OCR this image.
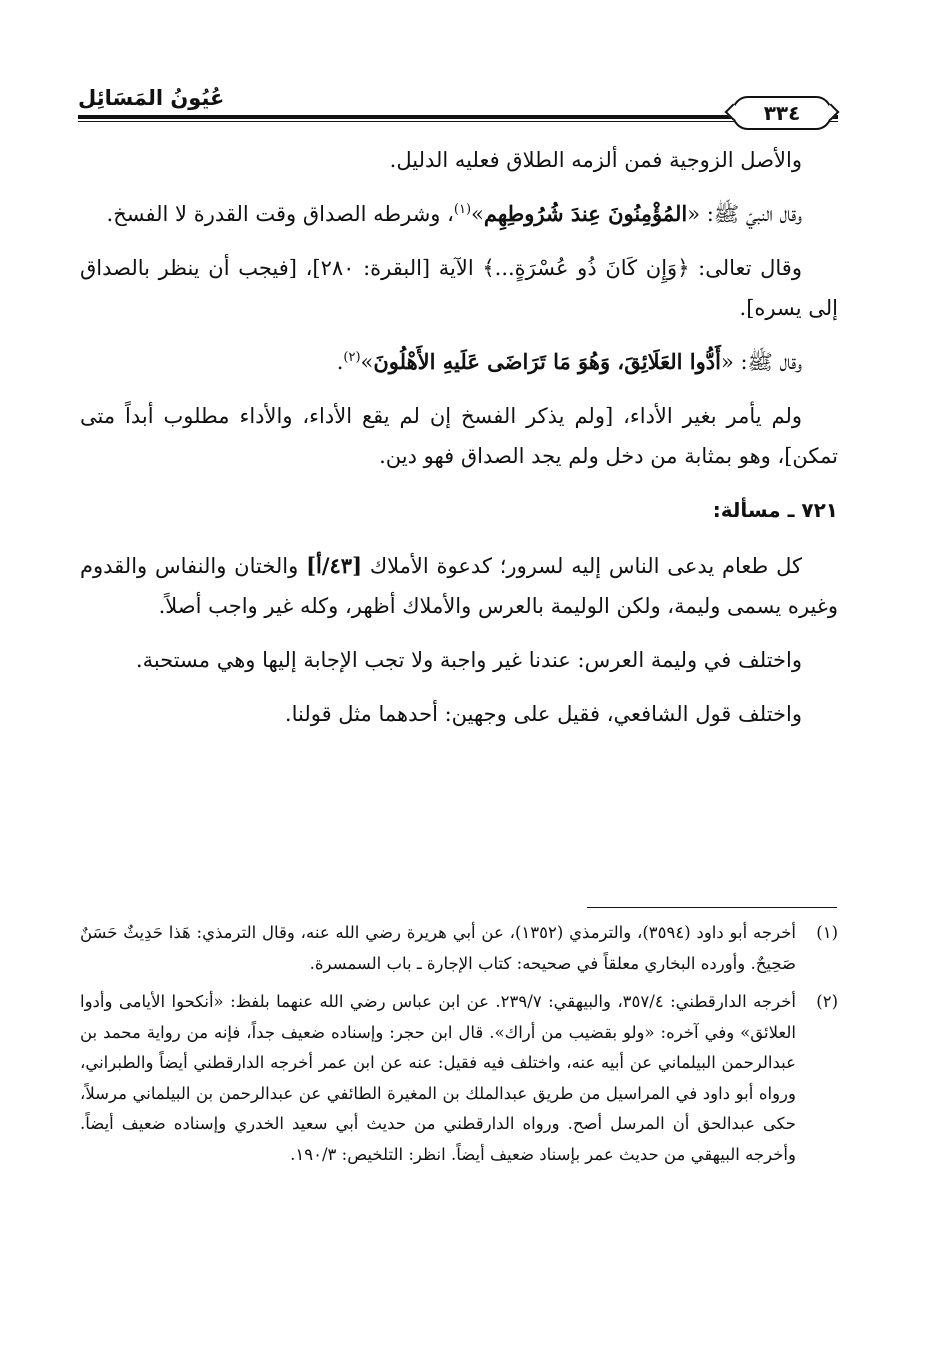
عُيُونُ المَسَائِل
٣٣٤

والأصل الزوجية فمن ألزمه الطلاق فعليه الدليل.

وقال النبيّ ﷺ: «المُؤْمِنُونَ عِندَ شُرُوطِهِم»$^{(١)}$، وشرطه الصداق وقت القدرة لا الفسخ.

وقال تعالى: ﴿وَإِن كَانَ ذُو عُسْرَةٍ...﴾ الآية [البقرة: ٢٨٠]، [فيجب أن ينظر بالصداق إلى يسره].

وقال ﷺ: «أَدُّوا العَلَائِقَ، وَهُوَ مَا تَرَاضَى عَلَيهِ الأَهْلُونَ»$^{(٢)}$.

ولم يأمر بغير الأداء، [ولم يذكر الفسخ إن لم يقع الأداء، والأداء مطلوب أبداً متى تمكن]، وهو بمثابة من دخل ولم يجد الصداق فهو دين.

٧٢١ ـ مسألة:

كل طعام يدعى الناس إليه لسرور؛ كدعوة الأملاك [٤٣/أ] والختان والنفاس والقدوم وغيره يسمى وليمة، ولكن الوليمة بالعرس والأملاك أظهر، وكله غير واجب أصلاً.

واختلف في وليمة العرس: عندنا غير واجبة ولا تجب الإجابة إليها وهي مستحبة.

واختلف قول الشافعي، فقيل على وجهين: أحدهما مثل قولنا.

(١)
أخرجه أبو داود (٣٥٩٤)، والترمذي (١٣٥٢)، عن أبي هريرة رضي الله عنه، وقال الترمذي: هَذا حَدِيثٌ حَسَنٌ صَحِيحٌ. وأورده البخاري معلقاً في صحيحه: كتاب الإجارة ـ باب السمسرة.
(٢)
أخرجه الدارقطني: ٣٥٧/٤، والبيهقي: ٢٣٩/٧. عن ابن عباس رضي الله عنهما بلفظ: «أنكحوا الأيامى وأدوا العلائق» وفي آخره: «ولو بقضيب من أراك». قال ابن حجر: وإسناده ضعيف جداً، فإنه من رواية محمد بن عبدالرحمن البيلماني عن أبيه عنه، واختلف فيه فقيل: عنه عن ابن عمر أخرجه الدارقطني أيضاً والطبراني، ورواه أبو داود في المراسيل من طريق عبدالملك بن المغيرة الطائفي عن عبدالرحمن بن البيلماني مرسلاً، حكى عبدالحق أن المرسل أصح. ورواه الدارقطني من حديث أبي سعيد الخدري وإسناده ضعيف أيضاً. وأخرجه البيهقي من حديث عمر بإسناد ضعيف أيضاً. انظر: التلخيص: ١٩٠/٣.
